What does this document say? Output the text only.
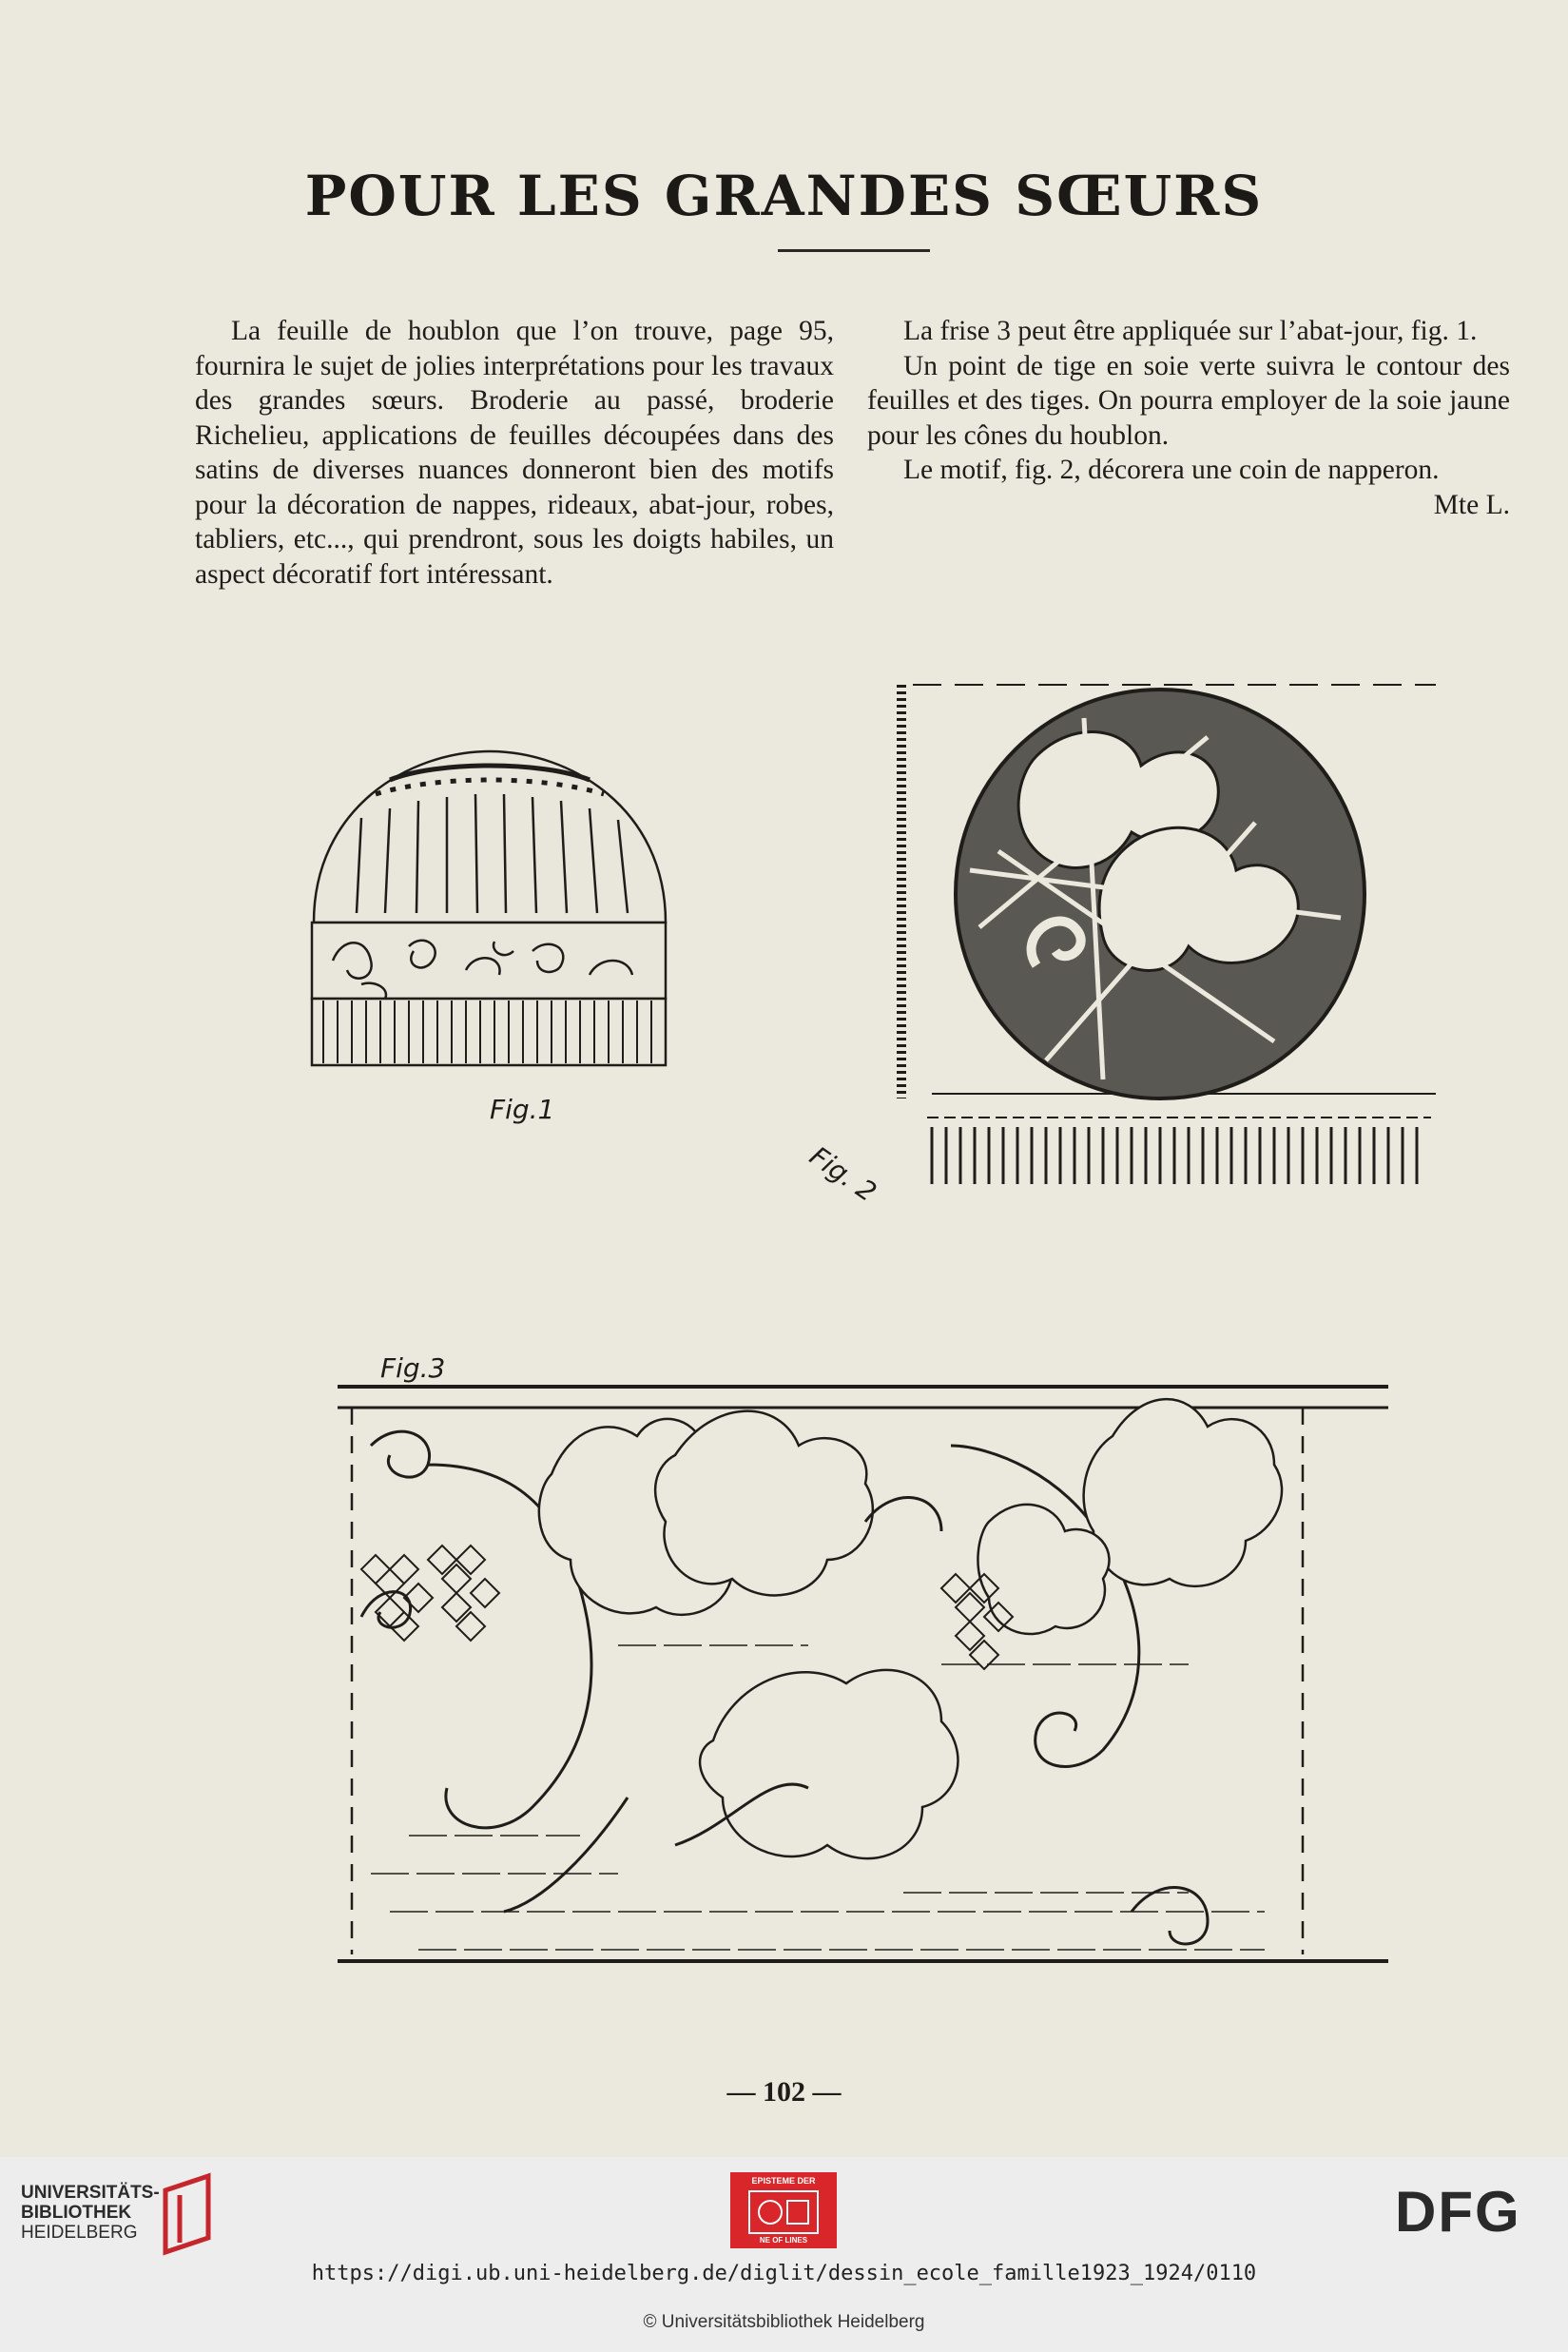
POUR LES GRANDES SŒURS

La feuille de houblon que l’on trouve, page 95, fournira le sujet de jolies interprétations pour les travaux des grandes sœurs. Broderie au passé, broderie Richelieu, applications de feuilles découpées dans des satins de diverses nuances donneront bien des motifs pour la décoration de nappes, rideaux, abat-jour, robes, tabliers, etc..., qui prendront, sous les doigts habiles, un aspect décoratif fort intéressant.

La frise 3 peut être appliquée sur l’abat-jour, fig. 1.

Un point de tige en soie verte suivra le contour des feuilles et des tiges. On pourra employer de la soie jaune pour les cônes du houblon.

Le motif, fig. 2, décorera une coin de napperon.

Mte L.

Fig.1
Fig. 2
Fig.3
— 102 —
UNIVERSITÄTS-
BIBLIOTHEK
HEIDELBERG
EPISTEME DER
NE OF LINES	DFG
https://digi.ub.uni-heidelberg.de/diglit/dessin_ecole_famille1923_1924/0110
© Universitätsbibliothek Heidelberg
